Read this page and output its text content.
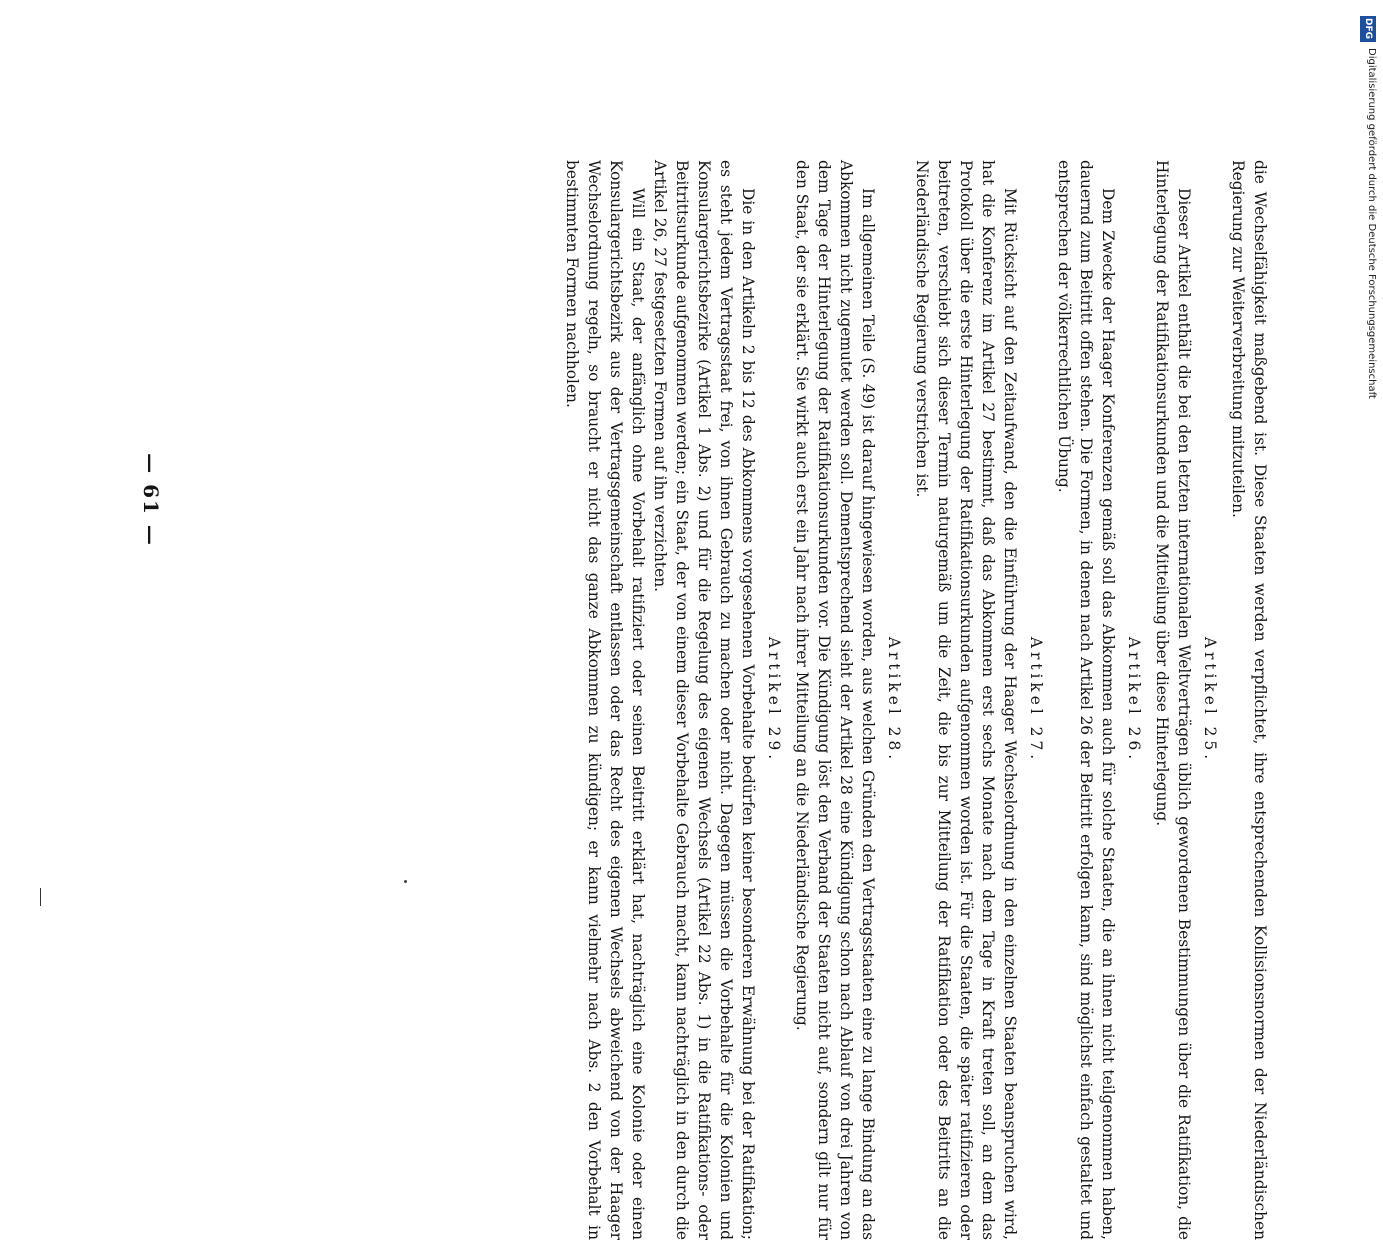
— 61 —	die Wechselfähigkeit maßgebend ist. Diese Staaten werden verpflichtet, ihre entsprechenden Kollisionsnormen der Niederländischen Regierung zur Weiterverbreitung mitzuteilen.

Artikel 25.

Dieser Artikel enthält die bei den letzten internationalen Weltverträgen üblich gewordenen Bestimmungen über die Ratifikation, die Hinterlegung der Ratifikationsurkunden und die Mitteilung über diese Hinterlegung.

Artikel 26.

Dem Zwecke der Haager Konferenzen gemäß soll das Abkommen auch für solche Staaten, die an ihnen nicht teilgenommen haben, dauernd zum Beitritt offen stehen. Die Formen, in denen nach Artikel 26 der Beitritt erfolgen kann, sind möglichst einfach gestaltet und entsprechen der völkerrechtlichen Übung.

Artikel 27.

Mit Rücksicht auf den Zeitaufwand, den die Einführung der Haager Wechselordnung in den einzelnen Staaten beanspruchen wird, hat die Konferenz im Artikel 27 bestimmt, daß das Abkommen erst sechs Monate nach dem Tage in Kraft treten soll, an dem das Protokoll über die erste Hinterlegung der Ratifikationsurkunden aufgenommen worden ist. Für die Staaten, die später ratifizieren oder beitreten, verschiebt sich dieser Termin naturgemäß um die Zeit, die bis zur Mitteilung der Ratifikation oder des Beitritts an die Niederländische Regierung verstrichen ist.

Artikel 28.

Im allgemeinen Teile (S. 49) ist darauf hingewiesen worden, aus welchen Gründen den Vertragsstaaten eine zu lange Bindung an das Abkommen nicht zugemutet werden soll. Dementsprechend sieht der Artikel 28 eine Kündigung schon nach Ablauf von drei Jahren von dem Tage der Hinterlegung der Ratifikationsurkunden vor. Die Kündigung löst den Verband der Staaten nicht auf, sondern gilt nur für den Staat, der sie erklärt. Sie wirkt auch erst ein Jahr nach ihrer Mitteilung an die Niederländische Regierung.

Artikel 29.

Die in den Artikeln 2 bis 12 des Abkommens vorgesehenen Vorbehalte bedürfen keiner besonderen Erwähnung bei der Ratifikation; es steht jedem Vertragsstaat frei, von ihnen Gebrauch zu machen oder nicht. Dagegen müssen die Vorbehalte für die Kolonien und Konsulargerichtsbezirke (Artikel 1 Abs. 2) und für die Regelung des eigenen Wechsels (Artikel 22 Abs. 1) in die Ratifikations- oder Beitrittsurkunde aufgenommen werden; ein Staat, der von einem dieser Vorbehalte Gebrauch macht, kann nachträglich in den durch die Artikel 26, 27 festgesetzten Formen auf ihn verzichten.

Will ein Staat, der anfänglich ohne Vorbehalt ratifiziert oder seinen Beitritt erklärt hat, nachträglich eine Kolonie oder einen Konsulargerichtsbezirk aus der Vertragsgemeinschaft entlassen oder das Recht des eigenen Wechsels abweichend von der Haager Wechselordnung regeln, so braucht er nicht das ganze Abkommen zu kündigen; er kann vielmehr nach Abs. 2 den Vorbehalt in bestimmten Formen nachholen.

DFG
Digitalisierung gefördert durch die Deutsche Forschungsgemeinschaft
